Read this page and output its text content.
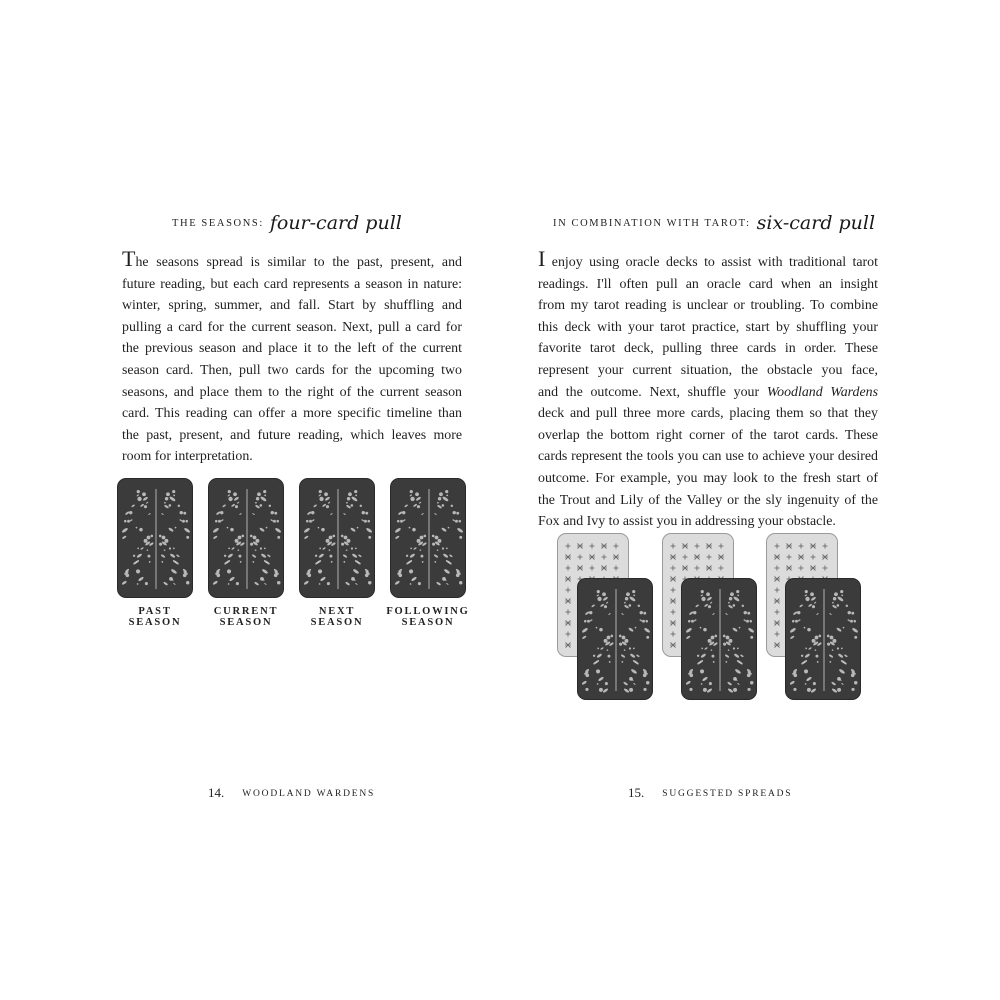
THE SEASONS: four-card pull
The seasons spread is similar to the past, present, and
future reading, but each card represents a season in nature:
winter, spring, summer, and fall. Start by shuffling and
pulling a card for the current season. Next, pull a card for
the previous season and place it to the left of the current
season card. Then, pull two cards for the upcoming two
seasons, and place them to the right of the current season
card. This reading can offer a more specific timeline than
the past, present, and future reading, which leaves more
room for interpretation.
PAST
SEASON
CURRENT
SEASON
NEXT
SEASON
FOLLOWING
SEASON
14. WOODLAND WARDENS
IN COMBINATION WITH TAROT: six-card pull
I enjoy using oracle decks to assist with traditional tarot
readings. I'll often pull an oracle card when an insight
from my tarot reading is unclear or troubling. To combine
this deck with your tarot practice, start by shuffling your
favorite tarot deck, pulling three cards in order. These
represent your current situation, the obstacle you face,
and the outcome. Next, shuffle your Woodland Wardens
deck and pull three more cards, placing them so that they
overlap the bottom right corner of the tarot cards. These
cards represent the tools you can use to achieve your desired
outcome. For example, you may look to the fresh start of
the Trout and Lily of the Valley or the sly ingenuity of the
Fox and Ivy to assist you in addressing your obstacle.
15. SUGGESTED SPREADS
